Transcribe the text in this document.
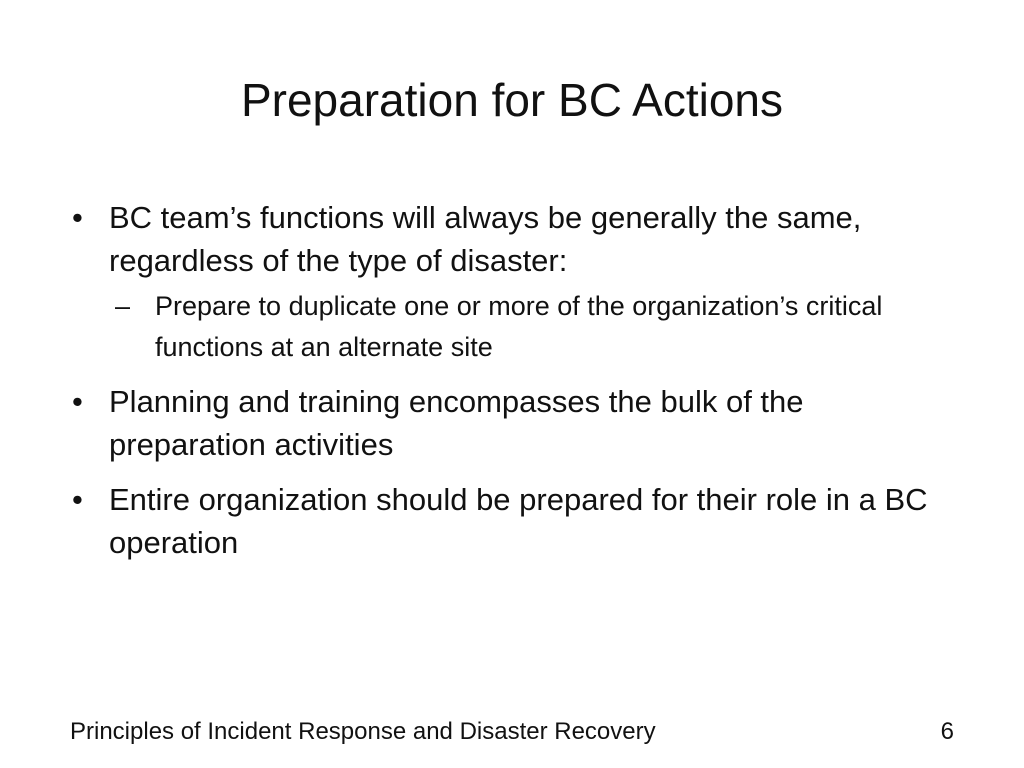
Preparation for BC Actions
• BC team’s functions will always be generally the same, regardless of the type of disaster:
– Prepare to duplicate one or more of the organization’s critical functions at an alternate site
• Planning and training encompasses the bulk of the preparation activities
• Entire organization should be prepared for their role in a BC operation
Principles of Incident Response and Disaster Recovery	6
